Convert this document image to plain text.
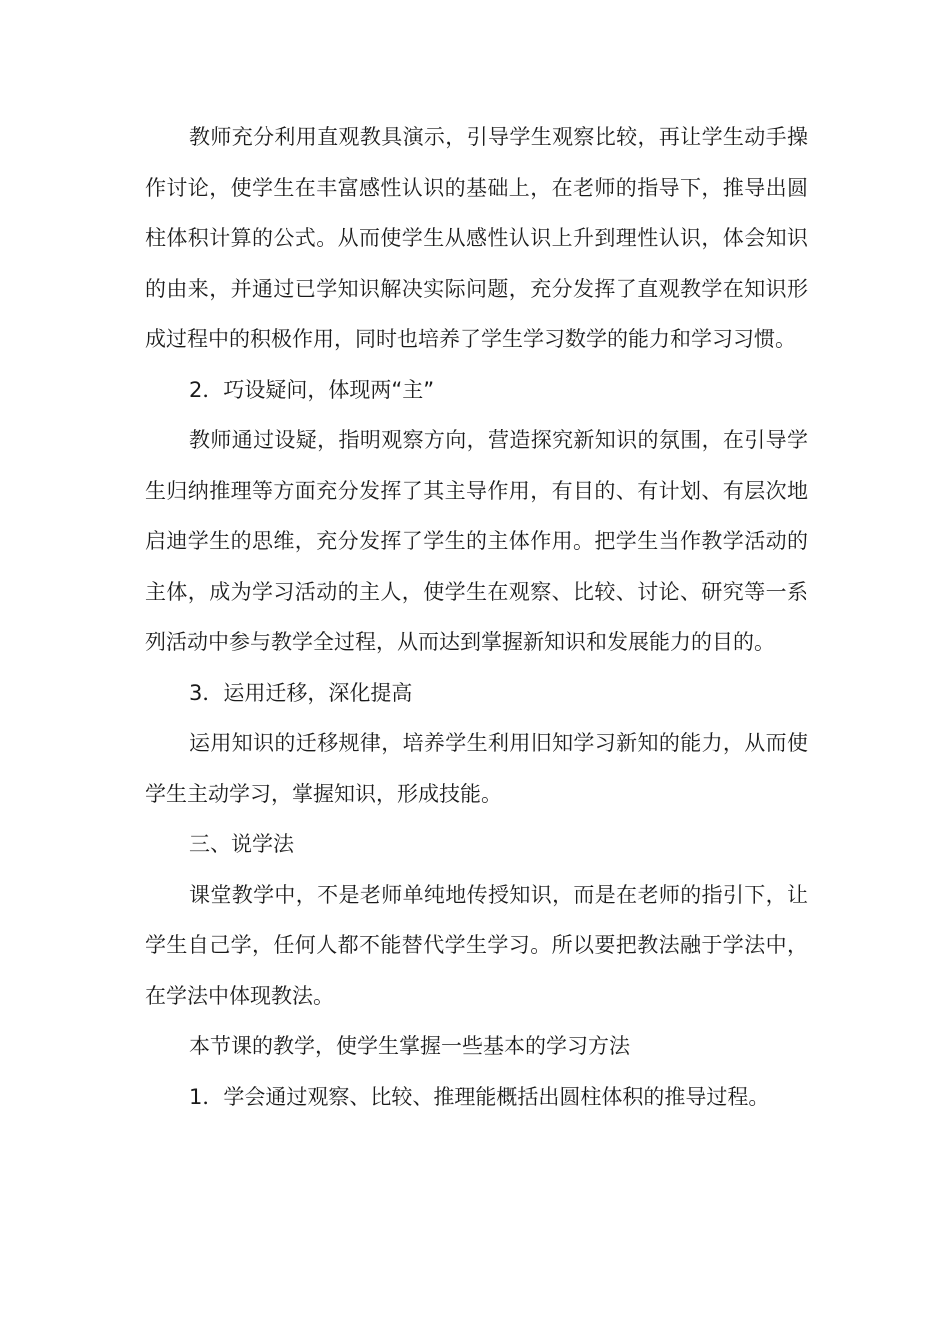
教师充分利用直观教具演示，引导学生观察比较，再让学生动手操作讨论，使学生在丰富感性认识的基础上，在老师的指导下，推导出圆柱体积计算的公式。从而使学生从感性认识上升到理性认识，体会知识的由来，并通过已学知识解决实际问题，充分发挥了直观教学在知识形成过程中的积极作用，同时也培养了学生学习数学的能力和学习习惯。

2．巧设疑问，体现两“主”

教师通过设疑，指明观察方向，营造探究新知识的氛围，在引导学生归纳推理等方面充分发挥了其主导作用，有目的、有计划、有层次地启迪学生的思维，充分发挥了学生的主体作用。把学生当作教学活动的主体，成为学习活动的主人，使学生在观察、比较、讨论、研究等一系列活动中参与教学全过程，从而达到掌握新知识和发展能力的目的。

3．运用迁移，深化提高

运用知识的迁移规律，培养学生利用旧知学习新知的能力，从而使学生主动学习，掌握知识，形成技能。

三、说学法

课堂教学中，不是老师单纯地传授知识，而是在老师的指引下，让学生自己学，任何人都不能替代学生学习。所以要把教法融于学法中，在学法中体现教法。

本节课的教学，使学生掌握一些基本的学习方法

1．学会通过观察、比较、推理能概括出圆柱体积的推导过程。
